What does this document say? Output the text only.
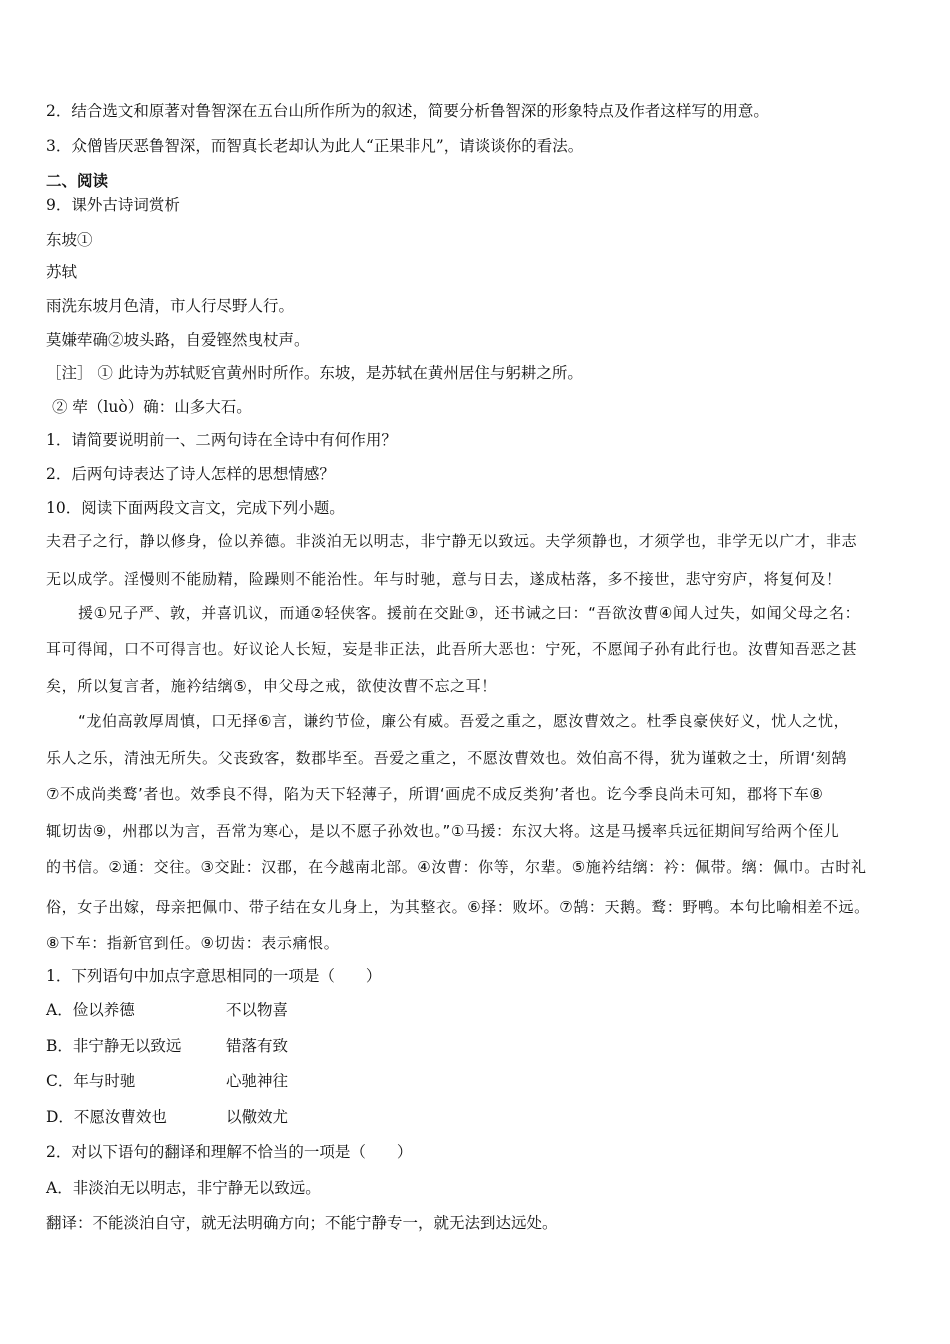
2．结合选文和原著对鲁智深在五台山所作所为的叙述，简要分析鲁智深的形象特点及作者这样写的用意。
3．众僧皆厌恶鲁智深，而智真长老却认为此人“正果非凡”，请谈谈你的看法。
二、阅读
9．课外古诗词赏析
东坡①
苏轼
雨洗东坡月色清，市人行尽野人行。
莫嫌荦确②坡头路，自爱铿然曳杖声。
［注］ ① 此诗为苏轼贬官黄州时所作。东坡，是苏轼在黄州居住与躬耕之所。
② 荦（luò）确：山多大石。
1．请简要说明前一、二两句诗在全诗中有何作用？
2．后两句诗表达了诗人怎样的思想情感？
10．阅读下面两段文言文，完成下列小题。
夫君子之行，静以修身，俭以养德。非淡泊无以明志，非宁静无以致远。夫学须静也，才须学也，非学无以广才，非志
无以成学。淫慢则不能励精，险躁则不能治性。年与时驰，意与日去，遂成枯落，多不接世，悲守穷庐，将复何及！
援①兄子严、敦，并喜讥议，而通②轻侠客。援前在交趾③，还书诫之曰：“吾欲汝曹④闻人过失，如闻父母之名：
耳可得闻，口不可得言也。好议论人长短，妄是非正法，此吾所大恶也：宁死，不愿闻子孙有此行也。汝曹知吾恶之甚
矣，所以复言者，施衿结缡⑤，申父母之戒，欲使汝曹不忘之耳！
“龙伯高敦厚周慎，口无择⑥言，谦约节俭，廉公有威。吾爱之重之，愿汝曹效之。杜季良豪侠好义，忧人之忧，
乐人之乐，清浊无所失。父丧致客，数郡毕至。吾爱之重之，不愿汝曹效也。效伯高不得，犹为谨敕之士，所谓‘刻鹄
⑦不成尚类鹜’者也。效季良不得，陷为天下轻薄子，所谓‘画虎不成反类狗’者也。讫今季良尚未可知，郡将下车⑧
辄切齿⑨，州郡以为言，吾常为寒心，是以不愿子孙效也。”①马援：东汉大将。这是马援率兵远征期间写给两个侄儿
的书信。②通：交往。③交趾：汉郡，在今越南北部。④汝曹：你等，尔辈。⑤施衿结缡：衿：佩带。缡：佩巾。古时礼
俗，女子出嫁，母亲把佩巾、带子结在女儿身上，为其整衣。⑥择：败坏。⑦鹄：天鹅。鹜：野鸭。本句比喻相差不远。
⑧下车：指新官到任。⑨切齿：表示痛恨。
1．下列语句中加点字意思相同的一项是（　　）
A．俭以养德	不以物喜
B．非宁静无以致远	错落有致
C．年与时驰	心驰神往
D．不愿汝曹效也	以儆效尤
2．对以下语句的翻译和理解不恰当的一项是（　　）
A．非淡泊无以明志，非宁静无以致远。
翻译：不能淡泊自守，就无法明确方向；不能宁静专一，就无法到达远处。
